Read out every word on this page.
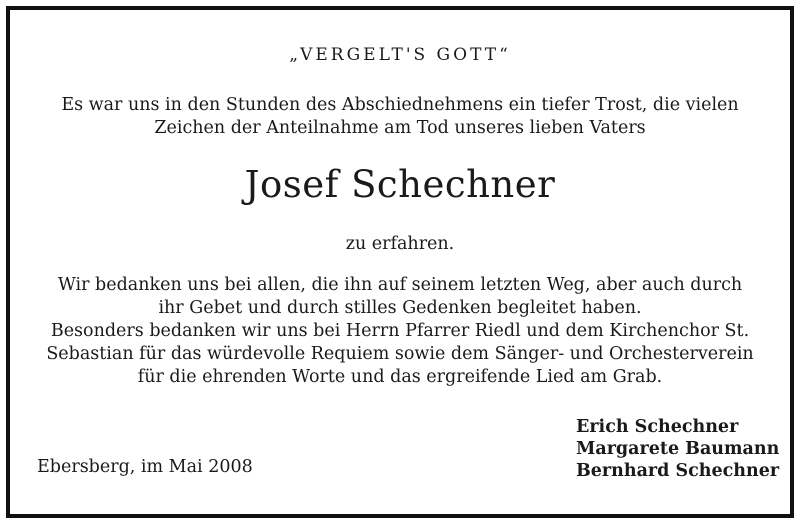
„VERGELT'S GOTT“
Es war uns in den Stunden des Abschiednehmens ein tiefer Trost, die vielen
Zeichen der Anteilnahme am Tod unseres lieben Vaters
Josef Schechner
zu erfahren.
Wir bedanken uns bei allen, die ihn auf seinem letzten Weg, aber auch durch
ihr Gebet und durch stilles Gedenken begleitet haben.
Besonders bedanken wir uns bei Herrn Pfarrer Riedl und dem Kirchenchor St.
Sebastian für das würdevolle Requiem sowie dem Sänger- und Orchesterverein
für die ehrenden Worte und das ergreifende Lied am Grab.
Ebersberg, im Mai 2008
Erich Schechner
Margarete Baumann
Bernhard Schechner
